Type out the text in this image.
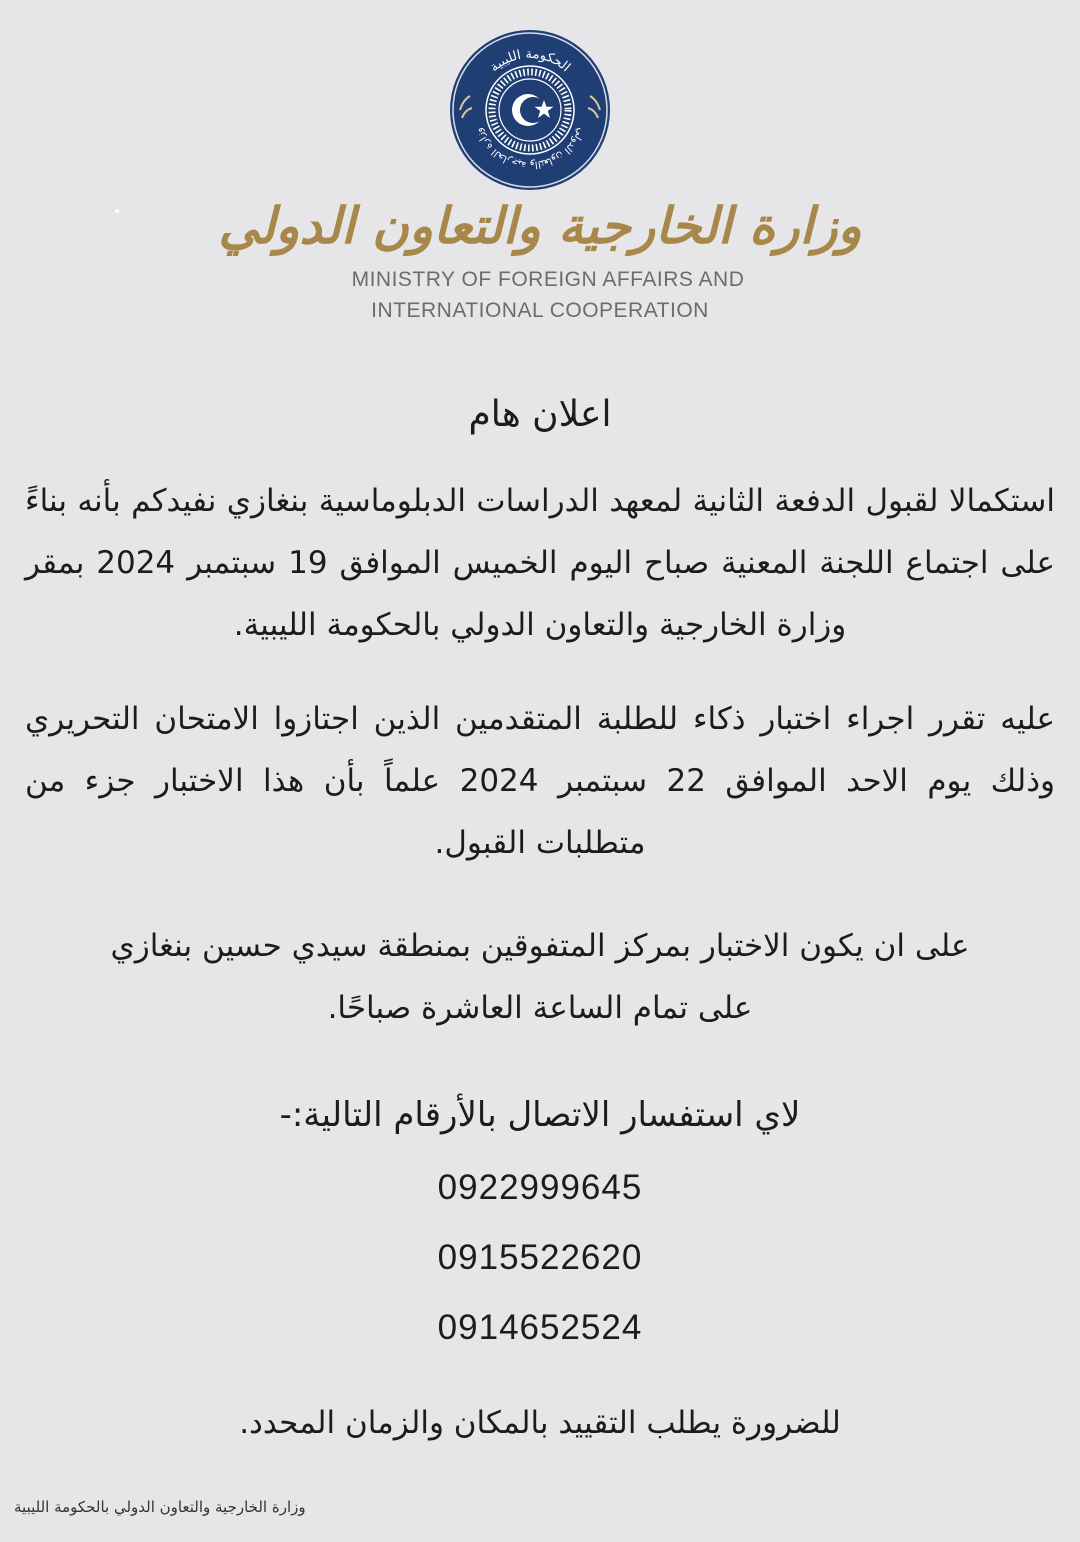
الحكومة الليبية
وزارة الخارجية والتعاون الدولي
وزارة الخارجية والتعاون الدولي
MINISTRY OF FOREIGN AFFAIRS AND
INTERNATIONAL COOPERATION
اعلان هام
استكمالا لقبول الدفعة الثانية لمعهد الدراسات الدبلوماسية بنغازي نفيدكم بأنه بناءً على اجتماع اللجنة المعنية صباح اليوم الخميس الموافق 19 سبتمبر 2024 بمقر وزارة الخارجية والتعاون الدولي بالحكومة الليبية.
عليه تقرر اجراء اختبار ذكاء للطلبة المتقدمين الذين اجتازوا الامتحان التحريري وذلك يوم الاحد الموافق 22 سبتمبر 2024 علماً بأن هذا الاختبار جزء من متطلبات القبول.
على ان يكون الاختبار بمركز المتفوقين بمنطقة سيدي حسين بنغازي على تمام الساعة العاشرة صباحًا.
لاي استفسار الاتصال بالأرقام التالية:-
0922999645
0915522620
0914652524
للضرورة يطلب التقييد بالمكان والزمان المحدد.
وزارة الخارجية والتعاون الدولي بالحكومة الليبية
